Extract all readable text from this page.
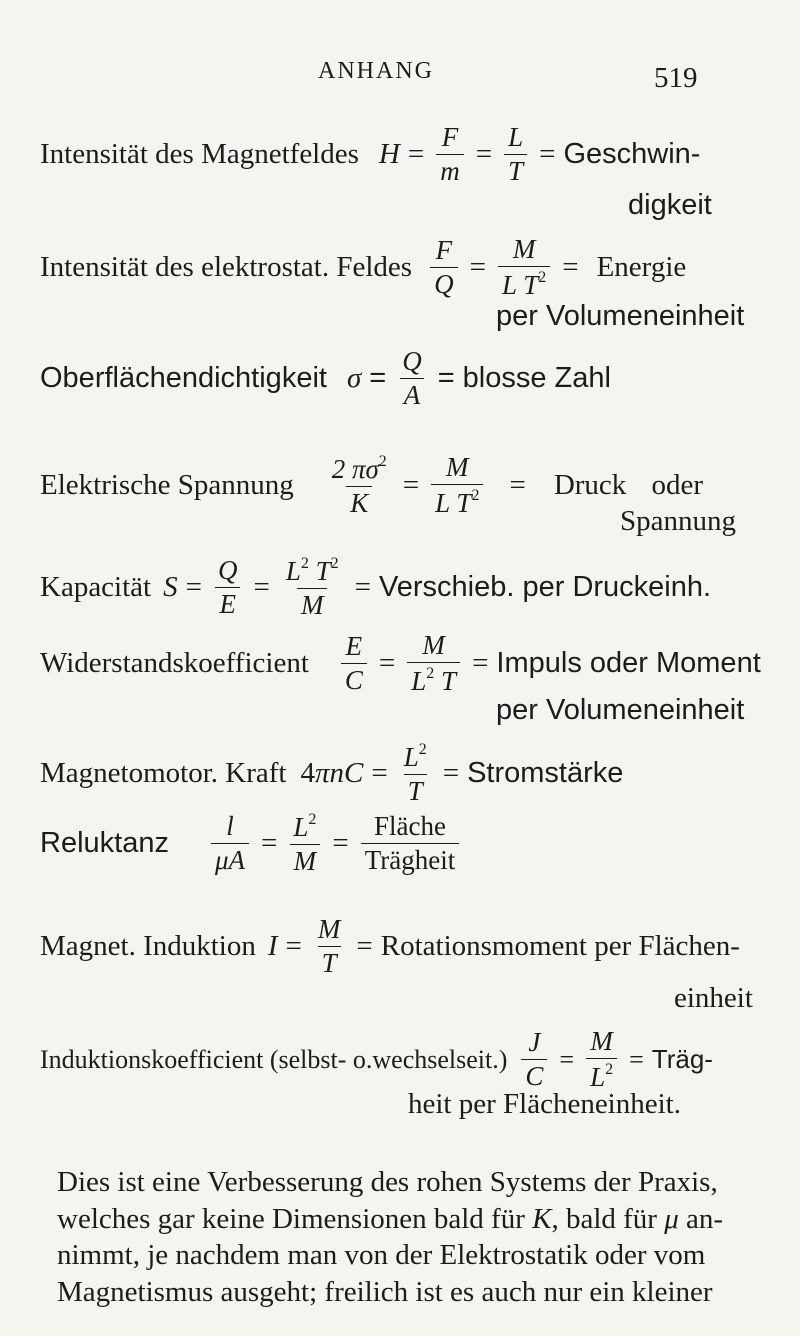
ANHANG	519
Intensität des Magnetfeldes $H = \frac{F}{m} = \frac{L}{T}$ = Geschwin-
digkeit
Intensität des elektrostat. Feldes $\frac{F}{Q} = \frac{M}{L T^2}$ = Energie
per Volumeneinheit
Oberflächendichtigkeit $\sigma = \frac{Q}{A}$ = blosse Zahl
Elektrische Spannung $\frac{2 \pi\sigma^2}{K} = \frac{M}{L T^2}$ = Druck oder
Spannung
Kapacität $S = \frac{Q}{E} = \frac{L^2 T^2}{M}$ = Verschieb. per Druckeinh.
Widerstandskoefficient $\frac{E}{C} = \frac{M}{L^2 T}$ = Impuls oder Moment
per Volumeneinheit
Magnetomotor. Kraft 4 $\pi nC = \frac{L^2}{T}$ = Stromstärke
Reluktanz $\frac{l}{\mu A} = \frac{L^2}{M} = \frac{\text{Fläche}}{\text{Trägheit}}$
Magnet. Induktion $I = \frac{M}{T}$ = Rotationsmoment per Flächen-
einheit
Induktionskoefficient (selbst- o.wechselseit.) $\frac{J}{C} = \frac{M}{L^2}$ = Träg-
heit per Flächeneinheit.
Dies ist eine Verbesserung des rohen Systems der Praxis,
welches gar keine Dimensionen bald für K, bald für μ an-
nimmt, je nachdem man von der Elektrostatik oder vom
Magnetismus ausgeht; freilich ist es auch nur ein kleiner
